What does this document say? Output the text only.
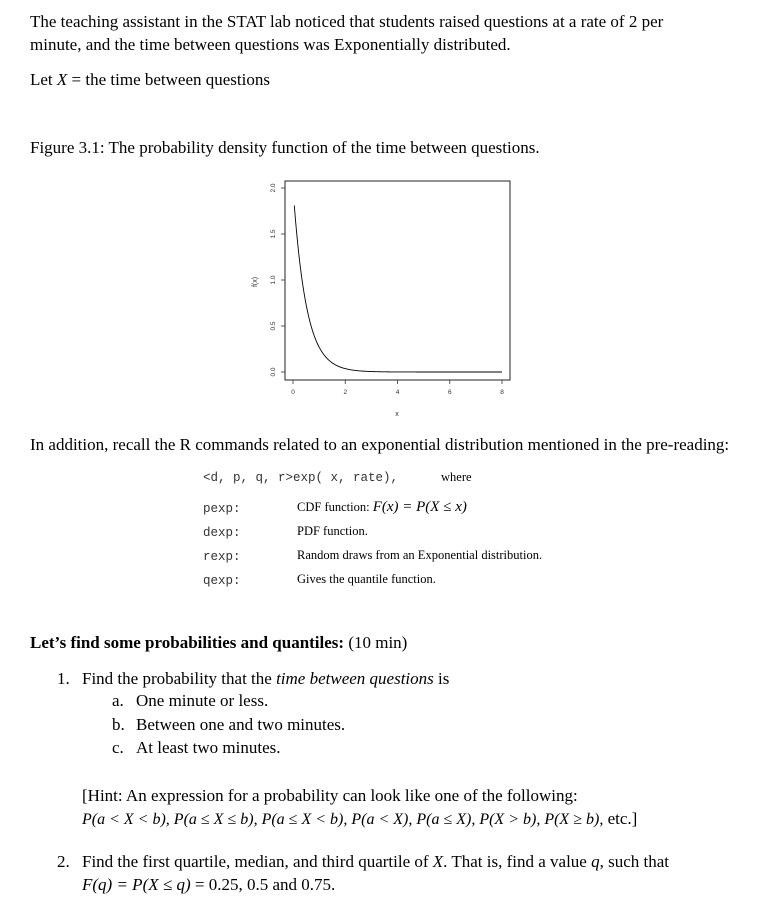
The teaching assistant in the STAT lab noticed that students raised questions at a rate of 2 per
minute, and the time between questions was Exponentially distributed.
Let X = the time between questions
Figure 3.1: The probability density function of the time between questions.
0	2	4	6	8
0.0
0.5
1.0
1.5
2.0
x
f(x)
In addition, recall the R commands related to an exponential distribution mentioned in the pre-reading:
<d, p, q, r>exp( x, rate),	where
pexp:	CDF function: F(x) = P(X ≤ x)
dexp:	PDF function.
rexp:	Random draws from an Exponential distribution.
qexp:	Gives the quantile function.
Let’s find some probabilities and quantiles: (10 min)
1. Find the probability that the time between questions is
a. One minute or less.
b. Between one and two minutes.
c. At least two minutes.
[Hint: An expression for a probability can look like one of the following:
P(a < X < b), P(a ≤ X ≤ b), P(a ≤ X < b), P(a < X), P(a ≤ X), P(X > b), P(X ≥ b), etc.]
2. Find the first quartile, median, and third quartile of X. That is, find a value q, such that
F(q) = P(X ≤ q) = 0.25, 0.5 and 0.75.
